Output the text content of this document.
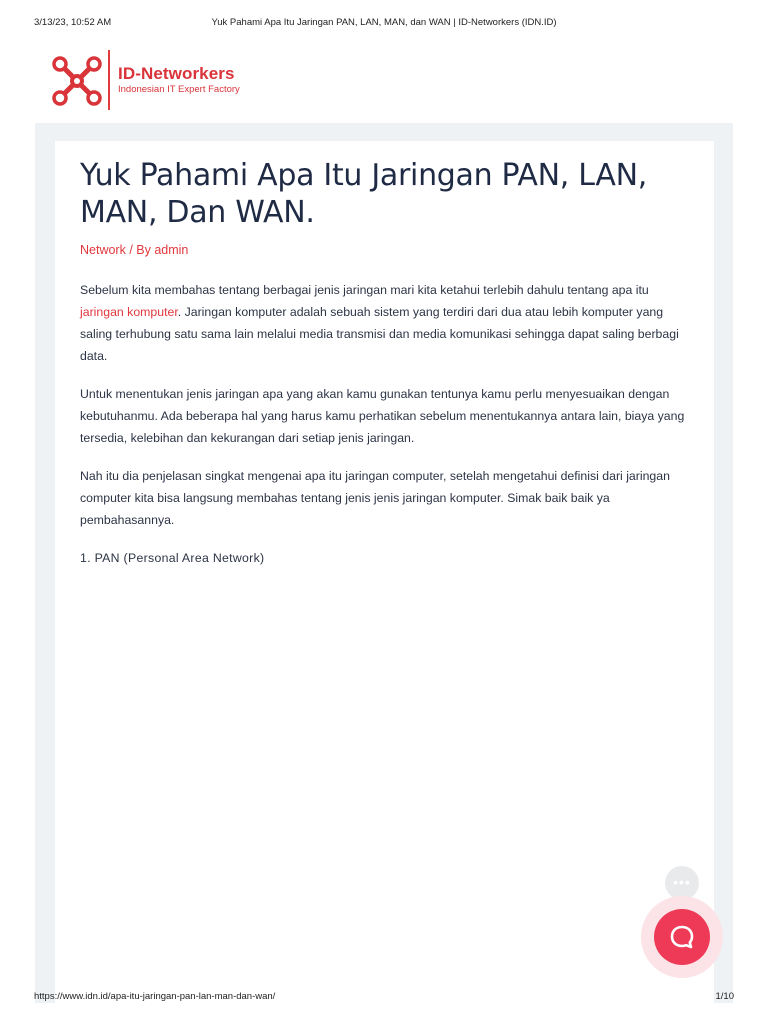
3/13/23, 10:52 AM	Yuk Pahami Apa Itu Jaringan PAN, LAN, MAN, dan WAN | ID-Networkers (IDN.ID)
ID-Networkers
Indonesian IT Expert Factory
Yuk Pahami Apa Itu Jaringan PAN, LAN, MAN, Dan WAN.
Network / By admin

Sebelum kita membahas tentang berbagai jenis jaringan mari kita ketahui terlebih dahulu tentang apa itu jaringan komputer. Jaringan komputer adalah sebuah sistem yang terdiri dari dua atau lebih komputer yang saling terhubung satu sama lain melalui media transmisi dan media komunikasi sehingga dapat saling berbagi data.

Untuk menentukan jenis jaringan apa yang akan kamu gunakan tentunya kamu perlu menyesuaikan dengan kebutuhanmu. Ada beberapa hal yang harus kamu perhatikan sebelum menentukannya antara lain, biaya yang tersedia, kelebihan dan kekurangan dari setiap jenis jaringan.

Nah itu dia penjelasan singkat mengenai apa itu jaringan computer, setelah mengetahui definisi dari jaringan computer kita bisa langsung membahas tentang jenis jenis jaringan komputer. Simak baik baik ya pembahasannya.

1. PAN (Personal Area Network)
•••
https://www.idn.id/apa-itu-jaringan-pan-lan-man-dan-wan/	1/10
